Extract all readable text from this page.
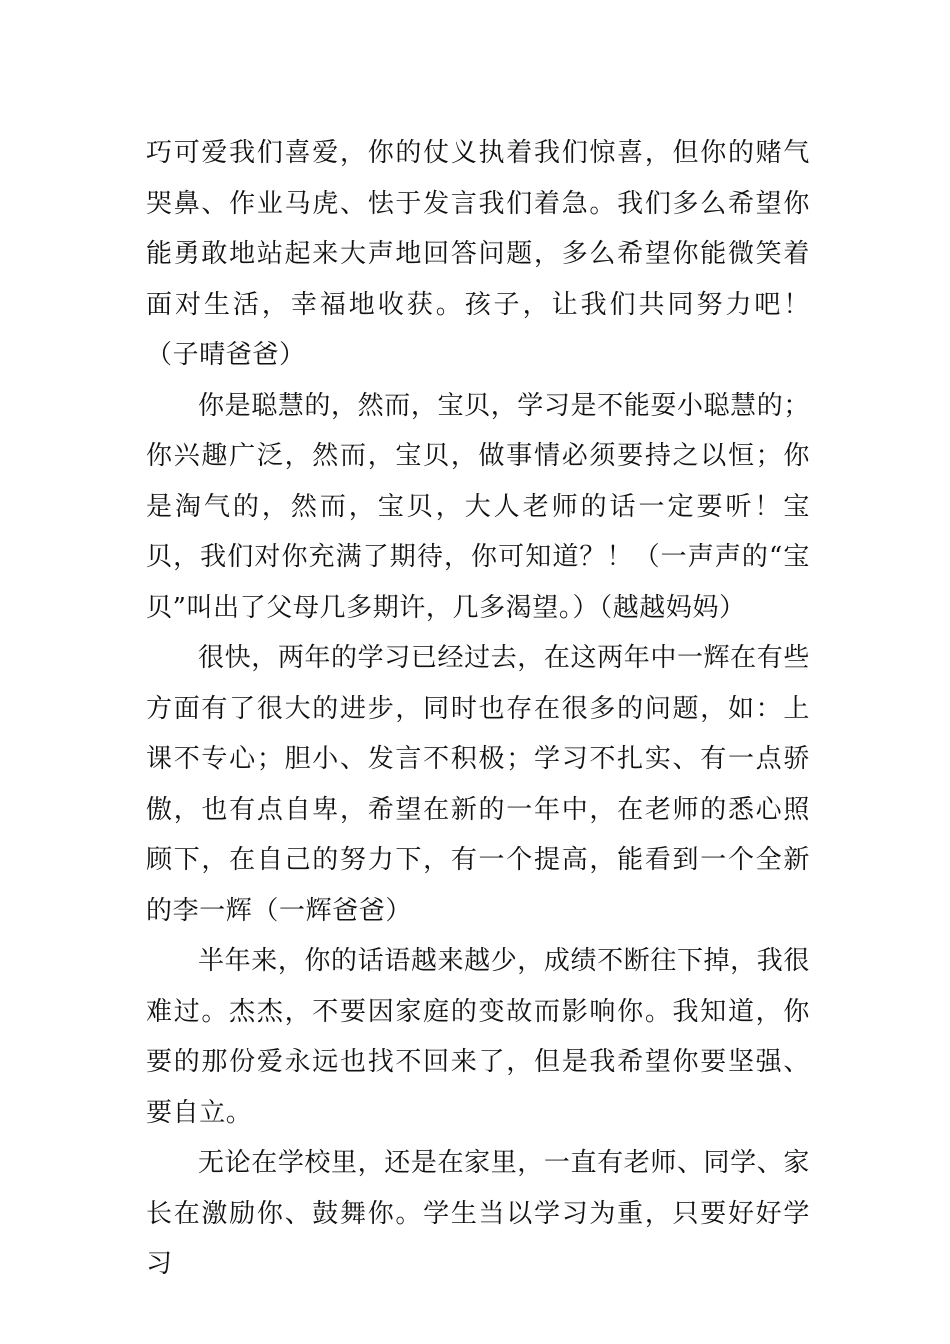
巧可爱我们喜爱，你的仗义执着我们惊喜，但你的赌气哭鼻、作业马虎、怯于发言我们着急。我们多么希望你能勇敢地站起来大声地回答问题，多么希望你能微笑着面对生活，幸福地收获。孩子，让我们共同努力吧！（子晴爸爸）

你是聪慧的，然而，宝贝，学习是不能耍小聪慧的；你兴趣广泛，然而，宝贝，做事情必须要持之以恒；你是淘气的，然而，宝贝，大人老师的话一定要听！宝贝，我们对你充满了期待，你可知道？！（一声声的“宝贝”叫出了父母几多期许，几多渴望。）（越越妈妈）

很快，两年的学习已经过去，在这两年中一辉在有些方面有了很大的进步，同时也存在很多的问题，如：上课不专心；胆小、发言不积极；学习不扎实、有一点骄傲，也有点自卑，希望在新的一年中，在老师的悉心照顾下，在自己的努力下，有一个提高，能看到一个全新的李一辉（一辉爸爸）

半年来，你的话语越来越少，成绩不断往下掉，我很难过。杰杰，不要因家庭的变故而影响你。我知道，你要的那份爱永远也找不回来了，但是我希望你要坚强、要自立。

无论在学校里，还是在家里，一直有老师、同学、家长在激励你、鼓舞你。学生当以学习为重，只要好好学习
